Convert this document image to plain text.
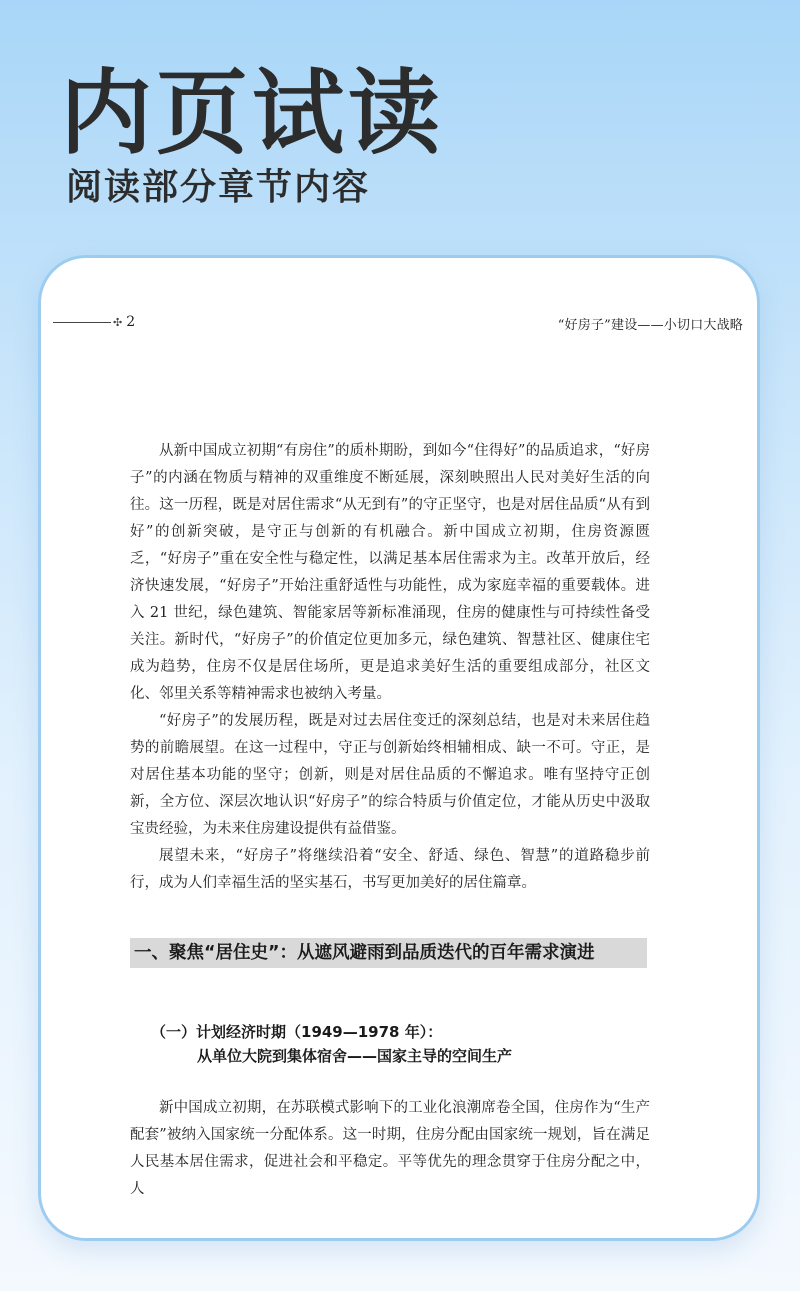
内页试读
阅读部分章节内容
✣ 2	“好房子”建设——小切口大战略

从新中国成立初期“有房住”的质朴期盼，到如今“住得好”的品质追求，“好房子”的内涵在物质与精神的双重维度不断延展，深刻映照出人民对美好生活的向往。这一历程，既是对居住需求“从无到有”的守正坚守，也是对居住品质“从有到好”的创新突破，是守正与创新的有机融合。新中国成立初期，住房资源匮乏，“好房子”重在安全性与稳定性，以满足基本居住需求为主。改革开放后，经济快速发展，“好房子”开始注重舒适性与功能性，成为家庭幸福的重要载体。进入 21 世纪，绿色建筑、智能家居等新标准涌现，住房的健康性与可持续性备受关注。新时代，“好房子”的价值定位更加多元，绿色建筑、智慧社区、健康住宅成为趋势，住房不仅是居住场所，更是追求美好生活的重要组成部分，社区文化、邻里关系等精神需求也被纳入考量。

“好房子”的发展历程，既是对过去居住变迁的深刻总结，也是对未来居住趋势的前瞻展望。在这一过程中，守正与创新始终相辅相成、缺一不可。守正，是对居住基本功能的坚守；创新，则是对居住品质的不懈追求。唯有坚持守正创新，全方位、深层次地认识“好房子”的综合特质与价值定位，才能从历史中汲取宝贵经验，为未来住房建设提供有益借鉴。

展望未来，“好房子”将继续沿着“安全、舒适、绿色、智慧”的道路稳步前行，成为人们幸福生活的坚实基石，书写更加美好的居住篇章。

一、聚焦“居住史”：从遮风避雨到品质迭代的百年需求演进
（一）计划经济时期（1949—1978 年）：
从单位大院到集体宿舍——国家主导的空间生产

新中国成立初期，在苏联模式影响下的工业化浪潮席卷全国，住房作为“生产配套”被纳入国家统一分配体系。这一时期，住房分配由国家统一规划，旨在满足人民基本居住需求，促进社会和平稳定。平等优先的理念贯穿于住房分配之中，人
